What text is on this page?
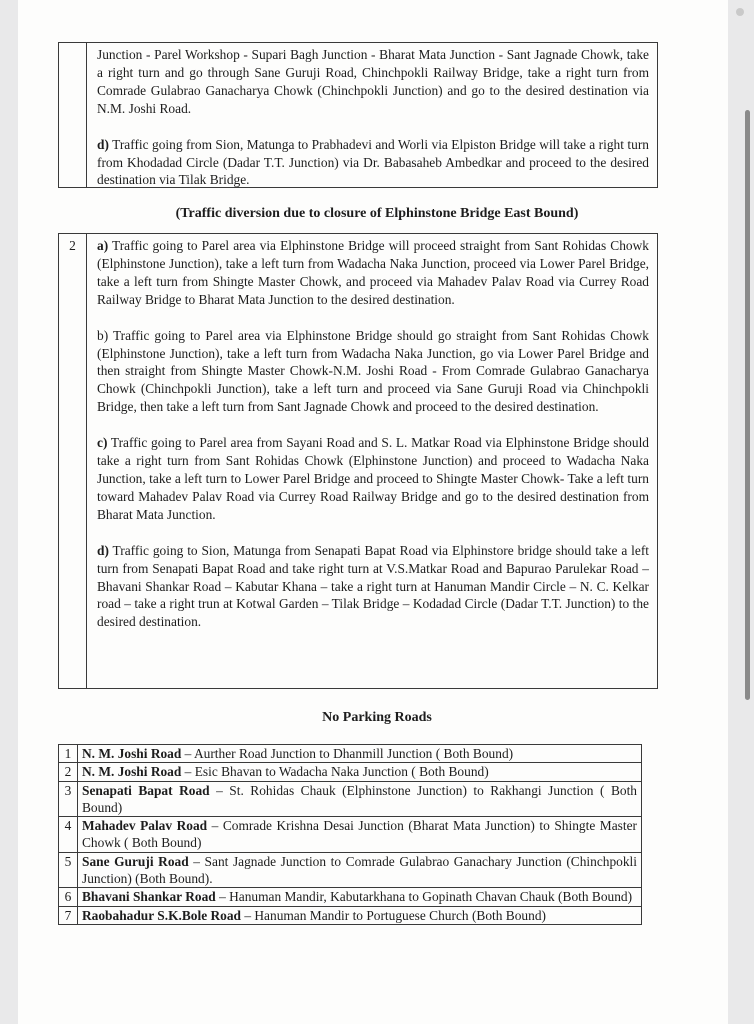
Junction - Parel Workshop - Supari Bagh Junction - Bharat Mata Junction - Sant Jagnade Chowk, take a right turn and go through Sane Guruji Road, Chinchpokli Railway Bridge, take a right turn from Comrade Gulabrao Ganacharya Chowk (Chinchpokli Junction) and go to the desired destination via N.M. Joshi Road.

d) Traffic going from Sion, Matunga to Prabhadevi and Worli via Elpiston Bridge will take a right turn from Khodadad Circle (Dadar T.T. Junction) via Dr. Babasaheb Ambedkar and proceed to the desired destination via Tilak Bridge.

(Traffic diversion due to closure of Elphinstone Bridge East Bound)
2	a) Traffic going to Parel area via Elphinstone Bridge will proceed straight from Sant Rohidas Chowk (Elphinstone Junction), take a left turn from Wadacha Naka Junction, proceed via Lower Parel Bridge, take a left turn from Shingte Master Chowk, and proceed via Mahadev Palav Road via Currey Road Railway Bridge to Bharat Mata Junction to the desired destination.

b) Traffic going to Parel area via Elphinstone Bridge should go straight from Sant Rohidas Chowk (Elphinstone Junction), take a left turn from Wadacha Naka Junction, go via Lower Parel Bridge and then straight from Shingte Master Chowk-N.M. Joshi Road - From Comrade Gulabrao Ganacharya Chowk (Chinchpokli Junction), take a left turn and proceed via Sane Guruji Road via Chinchpokli Bridge, then take a left turn from Sant Jagnade Chowk and proceed to the desired destination.

c) Traffic going to Parel area from Sayani Road and S. L. Matkar Road via Elphinstone Bridge should take a right turn from Sant Rohidas Chowk (Elphinstone Junction) and proceed to Wadacha Naka Junction, take a left turn to Lower Parel Bridge and proceed to Shingte Master Chowk- Take a left turn toward Mahadev Palav Road via Currey Road Railway Bridge and go to the desired destination from Bharat Mata Junction.

d) Traffic going to Sion, Matunga from Senapati Bapat Road via Elphinstore bridge should take a left turn from Senapati Bapat Road and take right turn at V.S.Matkar Road and Bapurao Parulekar Road – Bhavani Shankar Road – Kabutar Khana – take a right turn at Hanuman Mandir Circle – N. C. Kelkar road – take a right trun at Kotwal Garden – Tilak Bridge – Kodadad Circle (Dadar T.T. Junction) to the desired destination.

No Parking Roads
1	N. M. Joshi Road – Aurther Road Junction to Dhanmill Junction ( Both Bound)
2	N. M. Joshi Road – Esic Bhavan to Wadacha Naka Junction ( Both Bound)
3	Senapati Bapat Road – St. Rohidas Chauk (Elphinstone Junction) to Rakhangi Junction ( Both Bound)
4	Mahadev Palav Road – Comrade Krishna Desai Junction (Bharat Mata Junction) to Shingte Master Chowk ( Both Bound)
5	Sane Guruji Road – Sant Jagnade Junction to Comrade Gulabrao Ganachary Junction (Chinchpokli Junction) (Both Bound).
6	Bhavani Shankar Road – Hanuman Mandir, Kabutarkhana to Gopinath Chavan Chauk (Both Bound)
7	Raobahadur S.K.Bole Road – Hanuman Mandir to Portuguese Church (Both Bound)
